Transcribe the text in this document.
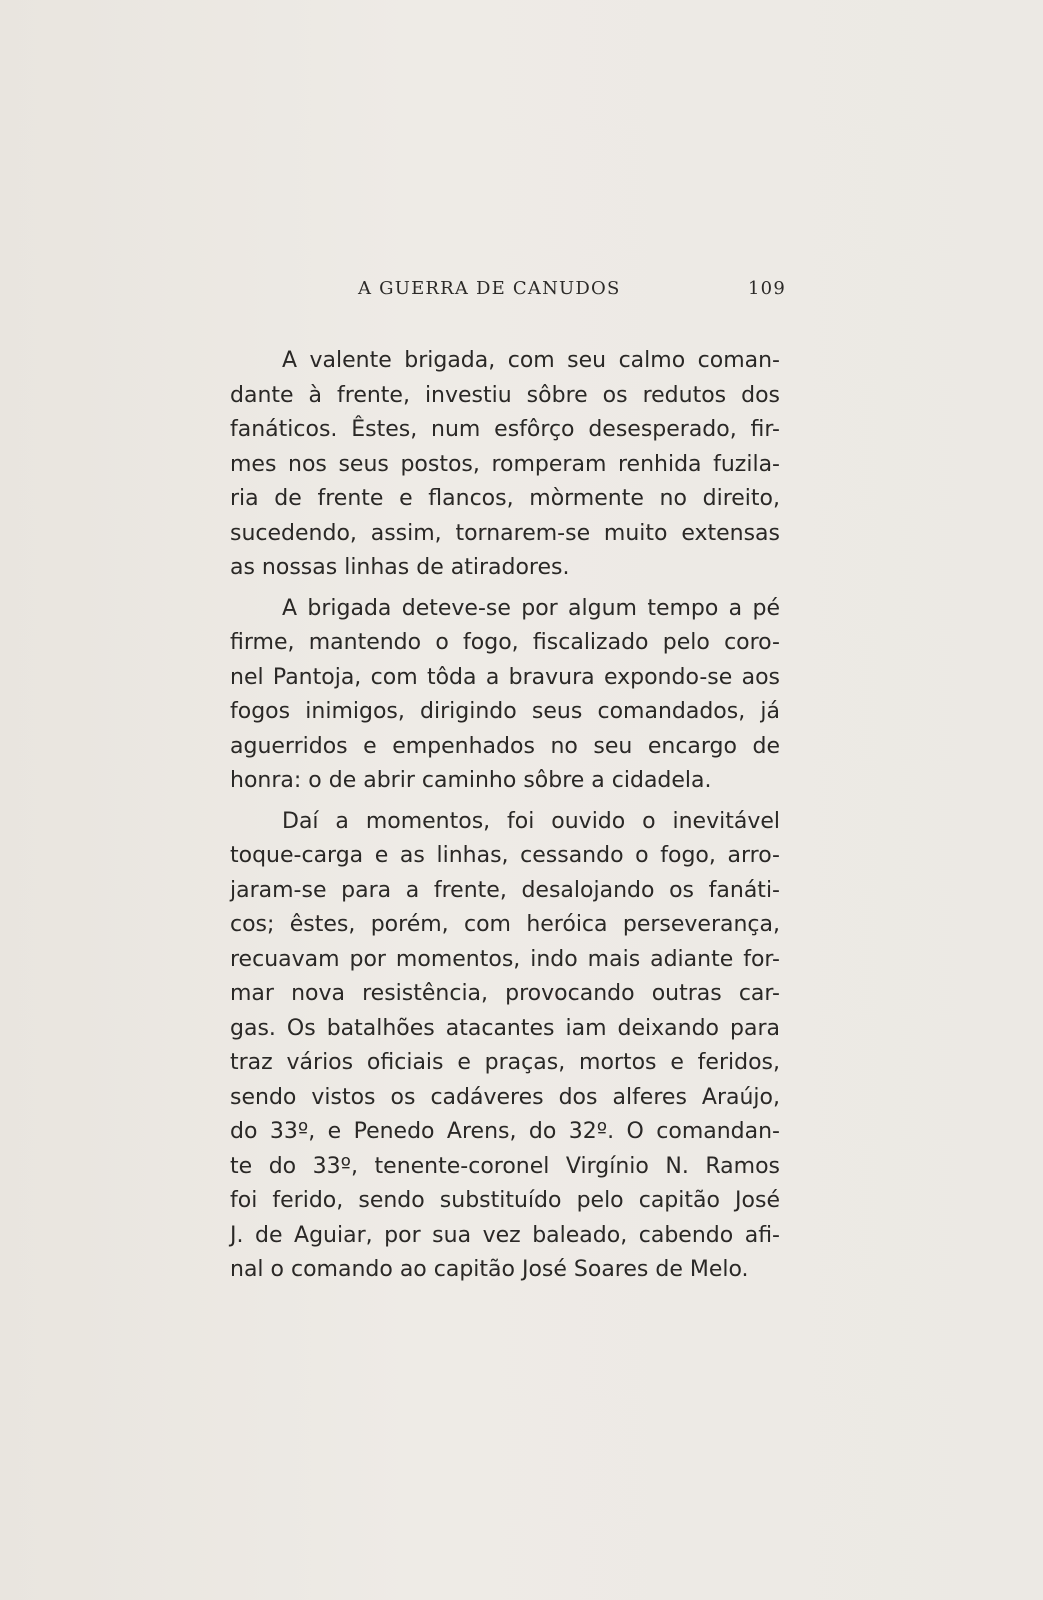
A GUERRA DE CANUDOS	109
A valente brigada, com seu calmo coman-
dante à frente, investiu sôbre os redutos dos
fanáticos. Êstes, num esfôrço desesperado, fir-
mes nos seus postos, romperam renhida fuzila-
ria de frente e flancos, mòrmente no direito,
sucedendo, assim, tornarem-se muito extensas
as nossas linhas de atiradores.
A brigada deteve-se por algum tempo a pé
firme, mantendo o fogo, fiscalizado pelo coro-
nel Pantoja, com tôda a bravura expondo-se aos
fogos inimigos, dirigindo seus comandados, já
aguerridos e empenhados no seu encargo de
honra: o de abrir caminho sôbre a cidadela.
Daí a momentos, foi ouvido o inevitável
toque-carga e as linhas, cessando o fogo, arro-
jaram-se para a frente, desalojando os fanáti-
cos; êstes, porém, com heróica perseverança,
recuavam por momentos, indo mais adiante for-
mar nova resistência, provocando outras car-
gas. Os batalhões atacantes iam deixando para
traz vários oficiais e praças, mortos e feridos,
sendo vistos os cadáveres dos alferes Araújo,
do 33º, e Penedo Arens, do 32º. O comandan-
te do 33º, tenente-coronel Virgínio N. Ramos
foi ferido, sendo substituído pelo capitão José
J. de Aguiar, por sua vez baleado, cabendo afi-
nal o comando ao capitão José Soares de Melo.
